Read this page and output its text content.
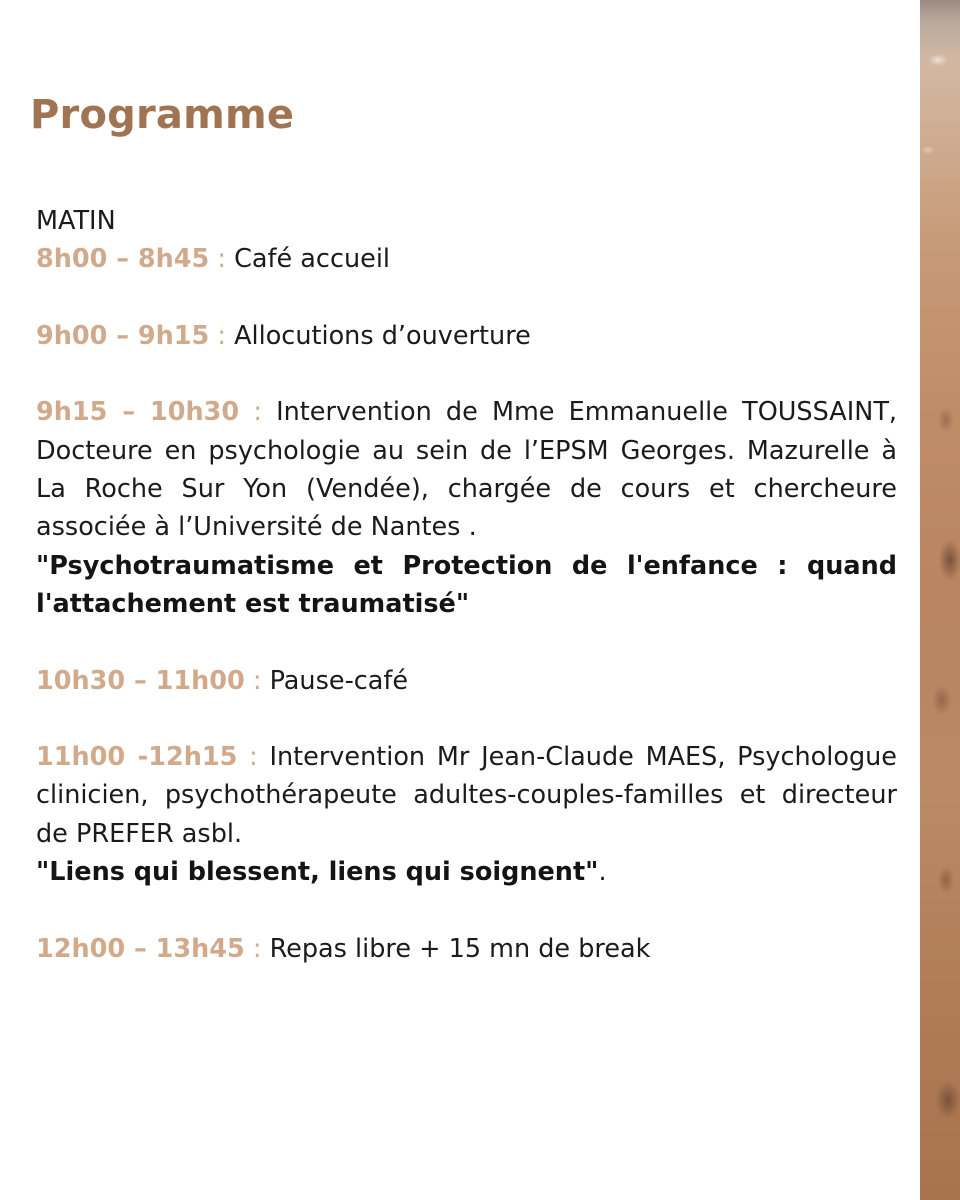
Programme
MATIN
8h00 – 8h45 : Café accueil
9h00 – 9h15 : Allocutions d’ouverture
9h15 – 10h30 : Intervention de Mme Emmanuelle TOUSSAINT, Docteure en psychologie au sein de l’EPSM Georges. Mazurelle à La Roche Sur Yon (Vendée), chargée de cours et chercheure associée à l’Université de Nantes .
"Psychotraumatisme et Protection de l'enfance : quand l'attachement est traumatisé"
10h30 – 11h00 : Pause-café
11h00 -12h15 : Intervention Mr Jean-Claude MAES, Psychologue clinicien, psychothérapeute adultes-couples-familles et directeur de PREFER asbl.
"Liens qui blessent, liens qui soignent".
12h00 – 13h45 : Repas libre + 15 mn de break
